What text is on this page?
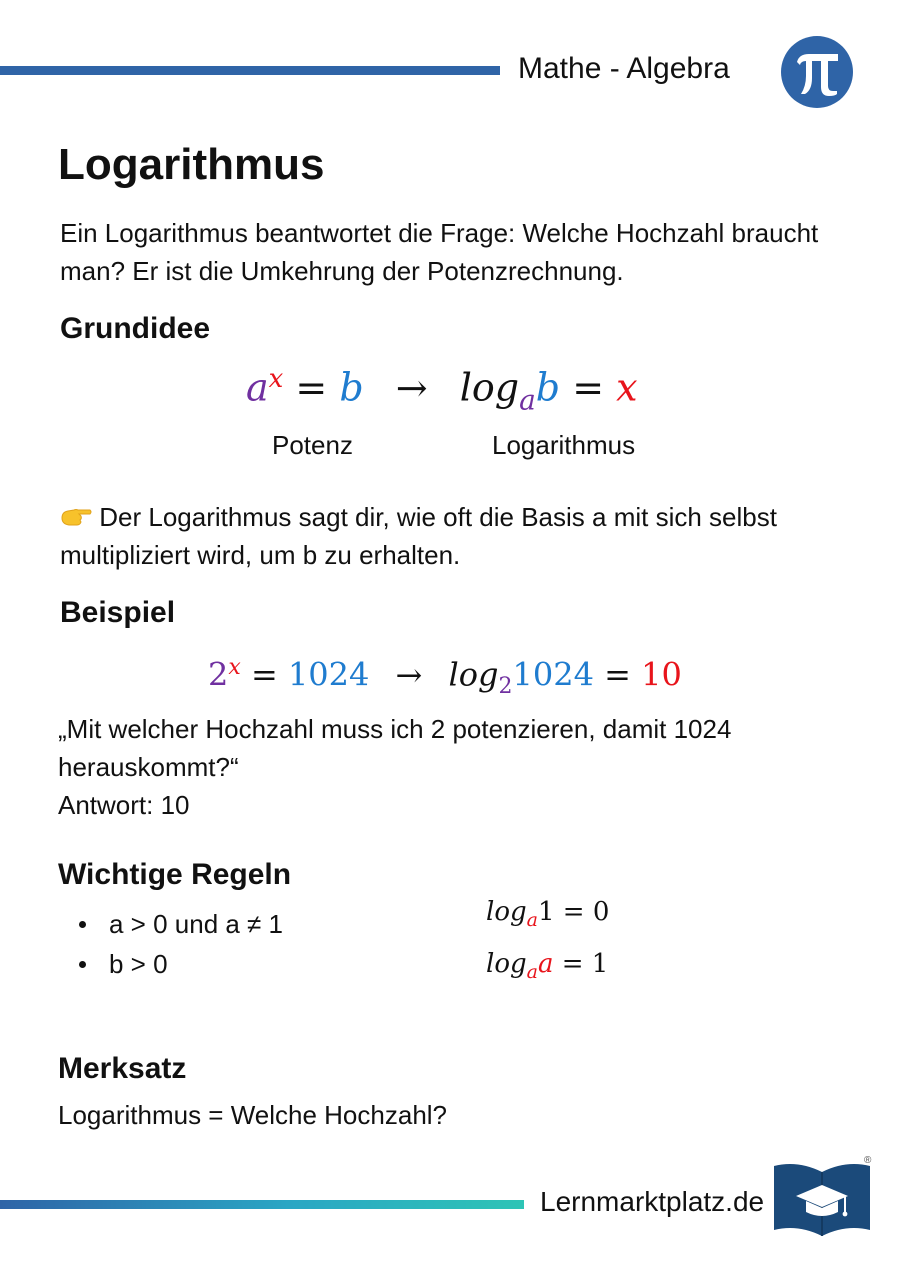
Mathe - Algebra
Logarithmus
Ein Logarithmus beantwortet die Frage: Welche Hochzahl braucht man? Er ist die Umkehrung der Potenzrechnung.
Grundidee
$a^x = b \to \log_ab = x$
Potenz	Logarithmus
Der Logarithmus sagt dir, wie oft die Basis a mit sich selbst multipliziert wird, um b zu erhalten.
Beispiel
$2^x = 1024 \to \log_21024 = 10$
„Mit welcher Hochzahl muss ich 2 potenzieren, damit 1024 herauskommt?“
Antwort: 10
Wichtige Regeln
a > 0 und a ≠ 1
b > 0
$\log_a1 = 0$
$\log_aa = 1$
Merksatz
Logarithmus = Welche Hochzahl?
Lernmarktplatz.de
®
